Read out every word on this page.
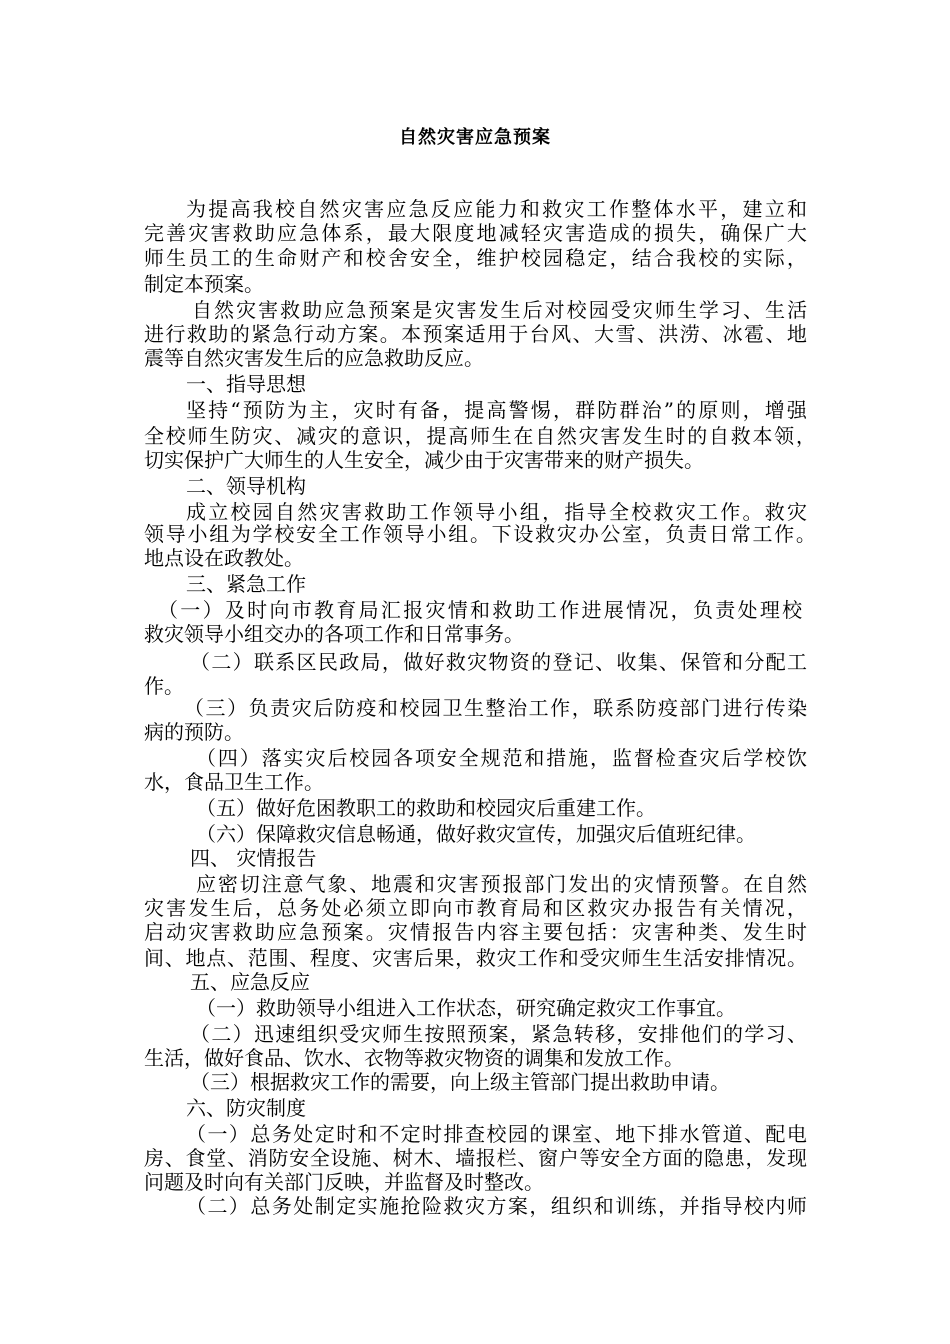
自然灾害应急预案
为提高我校自然灾害应急反应能力和救灾工作整体水平，建立和
完善灾害救助应急体系，最大限度地减轻灾害造成的损失，确保广大
师生员工的生命财产和校舍安全，维护校园稳定，结合我校的实际，
制定本预案。
自然灾害救助应急预案是灾害发生后对校园受灾师生学习、生活
进行救助的紧急行动方案。本预案适用于台风、大雪、洪涝、冰雹、地
震等自然灾害发生后的应急救助反应。
一、指导思想
坚持“预防为主，灾时有备，提高警惕，群防群治”的原则，增强
全校师生防灾、减灾的意识，提高师生在自然灾害发生时的自救本领，
切实保护广大师生的人生安全，减少由于灾害带来的财产损失。
二、领导机构
成立校园自然灾害救助工作领导小组，指导全校救灾工作。救灾
领导小组为学校安全工作领导小组。下设救灾办公室，负责日常工作。
地点设在政教处。
三、紧急工作
（一）及时向市教育局汇报灾情和救助工作进展情况，负责处理校
救灾领导小组交办的各项工作和日常事务。
（二）联系区民政局，做好救灾物资的登记、收集、保管和分配工
作。
（三）负责灾后防疫和校园卫生整治工作，联系防疫部门进行传染
病的预防。
（四）落实灾后校园各项安全规范和措施，监督检查灾后学校饮
水，食品卫生工作。
（五）做好危困教职工的救助和校园灾后重建工作。
（六）保障救灾信息畅通，做好救灾宣传，加强灾后值班纪律。
四、 灾情报告
应密切注意气象、地震和灾害预报部门发出的灾情预警。在自然
灾害发生后，总务处必须立即向市教育局和区救灾办报告有关情况，
启动灾害救助应急预案。灾情报告内容主要包括：灾害种类、发生时
间、地点、范围、程度、灾害后果，救灾工作和受灾师生生活安排情况。
五、应急反应
（一）救助领导小组进入工作状态，研究确定救灾工作事宜。
（二）迅速组织受灾师生按照预案，紧急转移，安排他们的学习、
生活，做好食品、饮水、衣物等救灾物资的调集和发放工作。
（三）根据救灾工作的需要，向上级主管部门提出救助申请。
六、防灾制度
（一）总务处定时和不定时排查校园的课室、地下排水管道、配电
房、食堂、消防安全设施、树木、墙报栏、窗户等安全方面的隐患，发现
问题及时向有关部门反映，并监督及时整改。
（二）总务处制定实施抢险救灾方案，组织和训练，并指导校内师
